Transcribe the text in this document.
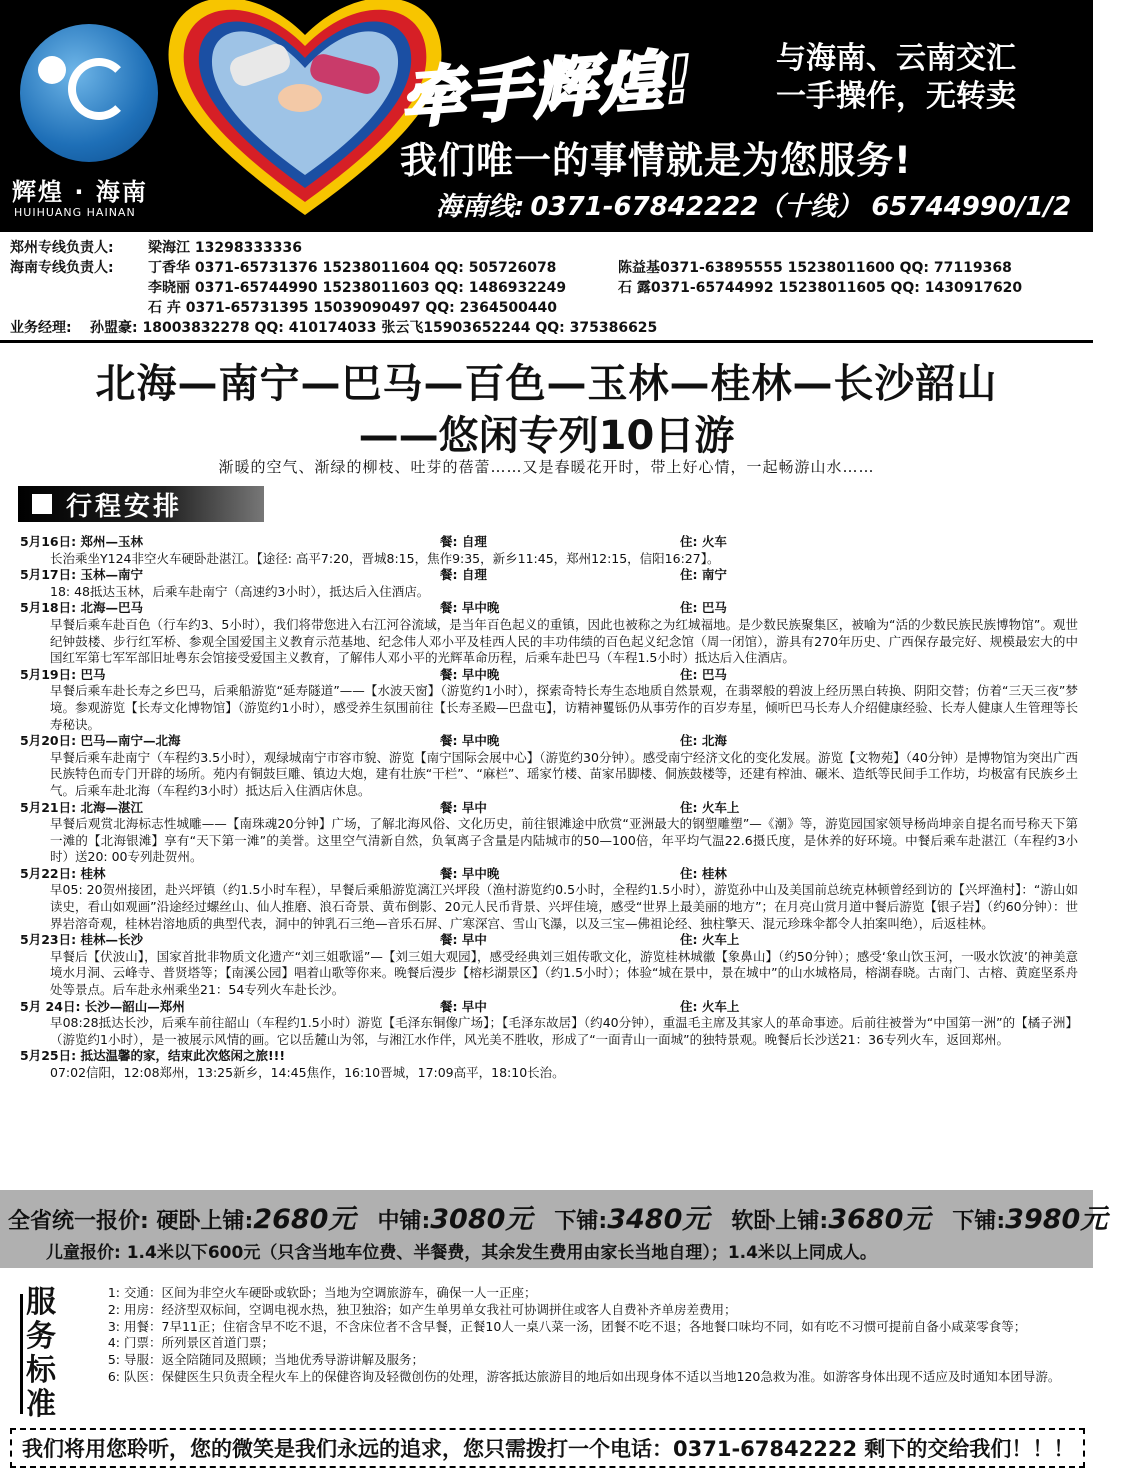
辉煌 · 海南
HUIHUANG HAINAN
牵手辉煌!	与海南、云南交汇
一手操作，无转卖
我们唯一的事情就是为您服务!
海南线: 0371-67842222（十线） 65744990/1/2
郑州专线负责人:	梁海江 13298333336
海南专线负责人:	丁香华 0371-65731376 15238011604 QQ: 505726078	陈益基0371-63895555 15238011600 QQ: 77119368
李晓丽 0371-65744990 15238011603 QQ: 1486932249	石 露0371-65744992 15238011605 QQ: 1430917620
石 卉 0371-65731395 15039090497 QQ: 2364500440
业务经理:	孙盟豪: 18003832278 QQ: 410174033 张云飞15903652244 QQ: 375386625
北海—南宁—巴马—百色—玉林—桂林—长沙韶山
——悠闲专列10日游
渐暖的空气、渐绿的柳枝、吐芽的蓓蕾……又是春暖花开时，带上好心情，一起畅游山水……
行程安排
5月16日: 郑州—玉林	餐: 自理	住: 火车
长治乘坐Y124非空火车硬卧赴湛江。【途径: 高平7:20，晋城8:15，焦作9:35，新乡11:45，郑州12:15，信阳16:27】。
5月17日: 玉林—南宁	餐: 自理	住: 南宁
18: 48抵达玉林，后乘车赴南宁（高速约3小时），抵达后入住酒店。
5月18日: 北海—巴马	餐: 早中晚	住: 巴马
早餐后乘车赴百色（行车约3、5小时），我们将带您进入右江河谷流域，是当年百色起义的重镇，因此也被称之为红城福地。是少数民族聚集区，被喻为“活的少数民族民族博物馆”。观世纪钟鼓楼、步行红军桥、参观全国爱国主义教育示范基地、纪念伟人邓小平及桂西人民的丰功伟绩的百色起义纪念馆（周一闭馆），游具有270年历史、广西保存最完好、规模最宏大的中国红军第七军军部旧址粤东会馆接受爱国主义教育，了解伟人邓小平的光辉革命历程，后乘车赴巴马（车程1.5小时）抵达后入住酒店。
5月19日: 巴马	餐: 早中晚	住: 巴马
早餐后乘车赴长寿之乡巴马，后乘船游览“延寿隧道”——【水波天窗】（游览约1小时），探索奇特长寿生态地质自然景观，在翡翠般的碧波上经历黑白转换、阴阳交替；仿着“三天三夜”梦境。参观游览【长寿文化博物馆】（游览约1小时），感受养生氛围前往【长寿圣殿—巴盘屯】，访精神矍铄仍从事劳作的百岁寿星，倾听巴马长寿人介绍健康经验、长寿人健康人生管理等长寿秘诀。
5月20日: 巴马—南宁—北海	餐: 早中晚	住: 北海
早餐后乘车赴南宁（车程约3.5小时），观绿城南宁市容市貌、游览【南宁国际会展中心】（游览约30分钟）。感受南宁经济文化的变化发展。游览【文物苑】（40分钟）是博物馆为突出广西民族特色而专门开辟的场所。苑内有铜鼓巨雕、镇边大炮，建有壮族“干栏”、“麻栏”、瑶家竹楼、苗家吊脚楼、侗族鼓楼等，还建有榨油、碾米、造纸等民间手工作坊，均极富有民族乡土气。后乘车赴北海（车程约3小时）抵达后入住酒店休息。
5月21日: 北海—湛江	餐: 早中	住: 火车上
早餐后观赏北海标志性城雕——【南珠魂20分钟】广场，了解北海风俗、文化历史，前往银滩途中欣赏“亚洲最大的钢塑雕塑”—《潮》等，游览园国家领导杨尚坤亲自提名而号称天下第一滩的【北海银滩】享有“天下第一滩”的美誉。这里空气清新自然，负氧离子含量是内陆城市的50—100倍，年平均气温22.6摄氏度，是休养的好环境。中餐后乘车赴湛江（车程约3小时）送20: 00专列赴贺州。
5月22日: 桂林	餐: 早中晚	住: 桂林
早05: 20贺州接团，赴兴坪镇（约1.5小时车程），早餐后乘船游览漓江兴坪段（渔村游览约0.5小时，全程约1.5小时），游览孙中山及美国前总统克林顿曾经到访的【兴坪渔村】：“游山如读史，看山如观画”沿途经过螺丝山、仙人推磨、浪石奇景、黄布倒影、20元人民币背景、兴坪佳境，感受“世界上最美丽的地方”；在月亮山赏月道中餐后游览【银子岩】（约60分钟）：世界岩溶奇观，桂林岩溶地质的典型代表，洞中的钟乳石三绝—音乐石屏、广寒深宫、雪山飞瀑，以及三宝—佛祖论经、独柱擎天、混元珍珠伞都令人拍案叫绝），后返桂林。
5月23日: 桂林—长沙	餐: 早中	住: 火车上
早餐后【伏波山】，国家首批非物质文化遗产“刘三姐歌谣”—【刘三姐大观园】，感受经典刘三姐传歌文化，游览桂林城徽【象鼻山】（约50分钟）；感受‘象山饮玉河，一吸水饮波’的神美意境水月洞、云峰寺、普贤塔等；【南溪公园】唱着山歌等你来。晚餐后漫步【榕杉湖景区】（约1.5小时）；体验“城在景中，景在城中”的山水城格局，榕湖春晓。古南门、古榕、黄庭坚系舟处等景点。后车赴永州乘坐21：54专列火车赴长沙。
5月 24日: 长沙—韶山—郑州	餐: 早中	住: 火车上
早08:28抵达长沙，后乘车前往韶山（车程约1.5小时）游览【毛泽东铜像广场】；【毛泽东故居】（约40分钟），重温毛主席及其家人的革命事迹。后前往被誉为“中国第一洲”的【橘子洲】（游览约1小时），是一被展示风情的画。它以岳麓山为邻，与湘江水作伴，风光美不胜收，形成了“一面青山一面城”的独特景观。晚餐后长沙送21：36专列火车，返回郑州。
5月25日: 抵达温馨的家，结束此次悠闲之旅!!!
07:02信阳，12:08郑州，13:25新乡，14:45焦作，16:10晋城，17:09高平，18:10长治。
全省统一报价: 硬卧上铺:2680元 中铺:3080元 下铺:3480元 软卧上铺:3680元 下铺:3980元
儿童报价: 1.4米以下600元（只含当地车位费、半餐费，其余发生费用由家长当地自理）；1.4米以上同成人。
服
务
标
准
1: 交通：区间为非空火车硬卧或软卧；当地为空调旅游车，确保一人一正座；
2: 用房：经济型双标间，空调电视水热，独卫独浴；如产生单男单女我社可协调拼住或客人自费补齐单房差费用；
3: 用餐：7早11正；住宿含早不吃不退，不含床位者不含早餐，正餐10人一桌八菜一汤，团餐不吃不退；各地餐口味均不同，如有吃不习惯可提前自备小咸菜零食等；
4: 门票：所列景区首道门票；
5: 导服：返全陪随同及照顾；当地优秀导游讲解及服务；
6: 队医：保健医生只负责全程火车上的保健咨询及轻微创伤的处理，游客抵达旅游目的地后如出现身体不适以当地120急救为准。如游客身体出现不适应及时通知本团导游。
我们将用您聆听，您的微笑是我们永远的追求，您只需拨打一个电话：0371-67842222 剩下的交给我们！！！
